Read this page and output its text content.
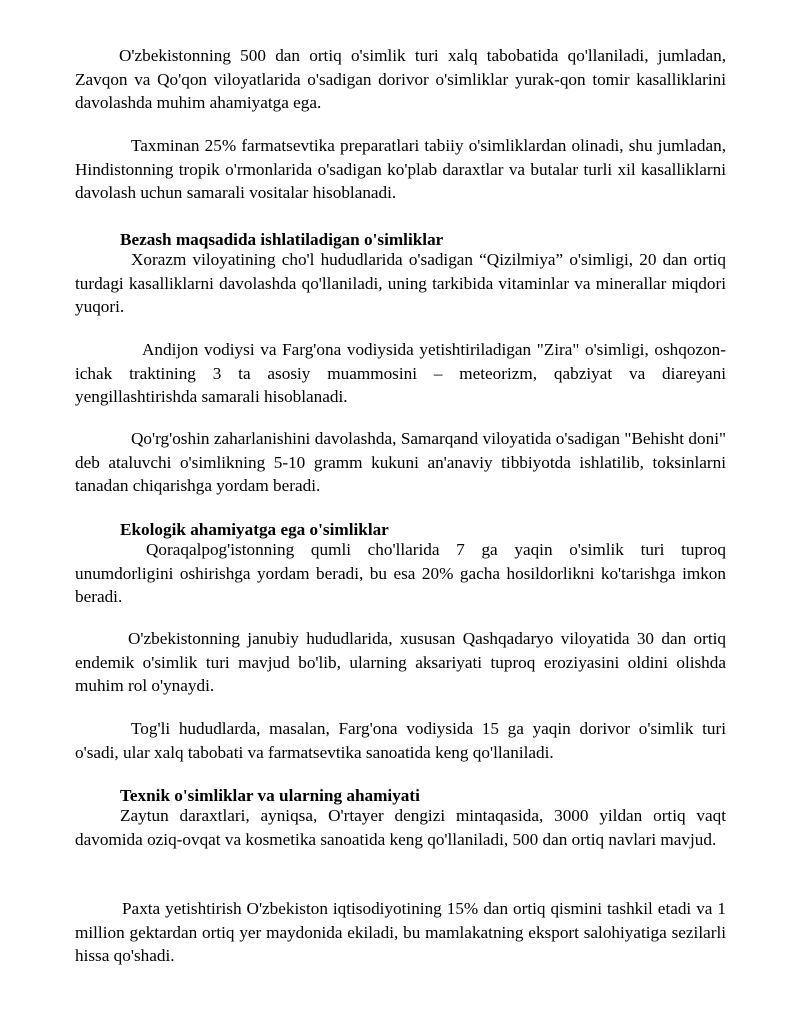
O'zbekistonning 500 dan ortiq o'simlik turi xalq tabobatida qo'llaniladi, jumladan, Zavqon va Qo'qon viloyatlarida o'sadigan dorivor o'simliklar yurak-qon tomir kasalliklarini davolashda muhim ahamiyatga ega.

Taxminan 25% farmatsevtika preparatlari tabiiy o'simliklardan olinadi, shu jumladan, Hindistonning tropik o'rmonlarida o'sadigan ko'plab daraxtlar va butalar turli xil kasalliklarni davolash uchun samarali vositalar hisoblanadi.

Bezash maqsadida ishlatiladigan o'simliklar

Xorazm viloyatining cho'l hududlarida o'sadigan “Qizilmiya” o'simligi, 20 dan ortiq turdagi kasalliklarni davolashda qo'llaniladi, uning tarkibida vitaminlar va minerallar miqdori yuqori.

Andijon vodiysi va Farg'ona vodiysida yetishtiriladigan "Zira" o'simligi, oshqozon-ichak traktining 3 ta asosiy muammosini – meteorizm, qabziyat va diareyani yengillashtirishda samarali hisoblanadi.

Qo'rg'oshin zaharlanishini davolashda, Samarqand viloyatida o'sadigan "Behisht doni" deb ataluvchi o'simlikning 5-10 gramm kukuni an'anaviy tibbiyotda ishlatilib, toksinlarni tanadan chiqarishga yordam beradi.

Ekologik ahamiyatga ega o'simliklar

Qoraqalpog'istonning qumli cho'llarida 7 ga yaqin o'simlik turi tuproq unumdorligini oshirishga yordam beradi, bu esa 20% gacha hosildorlikni ko'tarishga imkon beradi.

O'zbekistonning janubiy hududlarida, xususan Qashqadaryo viloyatida 30 dan ortiq endemik o'simlik turi mavjud bo'lib, ularning aksariyati tuproq eroziyasini oldini olishda muhim rol o'ynaydi.

Tog'li hududlarda, masalan, Farg'ona vodiysida 15 ga yaqin dorivor o'simlik turi o'sadi, ular xalq tabobati va farmatsevtika sanoatida keng qo'llaniladi.

Texnik o'simliklar va ularning ahamiyati

Zaytun daraxtlari, ayniqsa, O'rtayer dengizi mintaqasida, 3000 yildan ortiq vaqt davomida oziq-ovqat va kosmetika sanoatida keng qo'llaniladi, 500 dan ortiq navlari mavjud.

Paxta yetishtirish O'zbekiston iqtisodiyotining 15% dan ortiq qismini tashkil etadi va 1 million gektardan ortiq yer maydonida ekiladi, bu mamlakatning eksport salohiyatiga sezilarli hissa qo'shadi.
